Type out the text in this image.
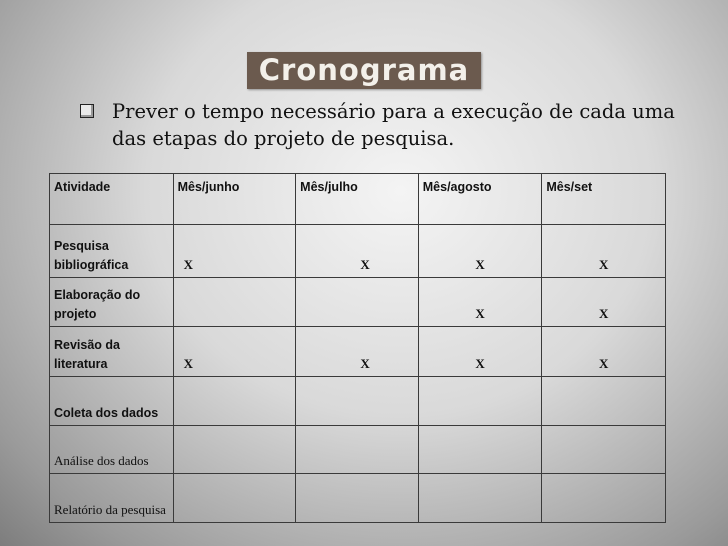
Cronograma
Prever o tempo necessário para a execução de cada uma das etapas do projeto de pesquisa.
Atividade	Mês/junho	Mês/julho	Mês/agosto	Mês/set
Pesquisa bibliográfica	X	X	X	X
Elaboração do projeto			X	X
Revisão da literatura	X	X	X	X
Coleta dos dados				
Análise dos dados				
Relatório da pesquisa				
